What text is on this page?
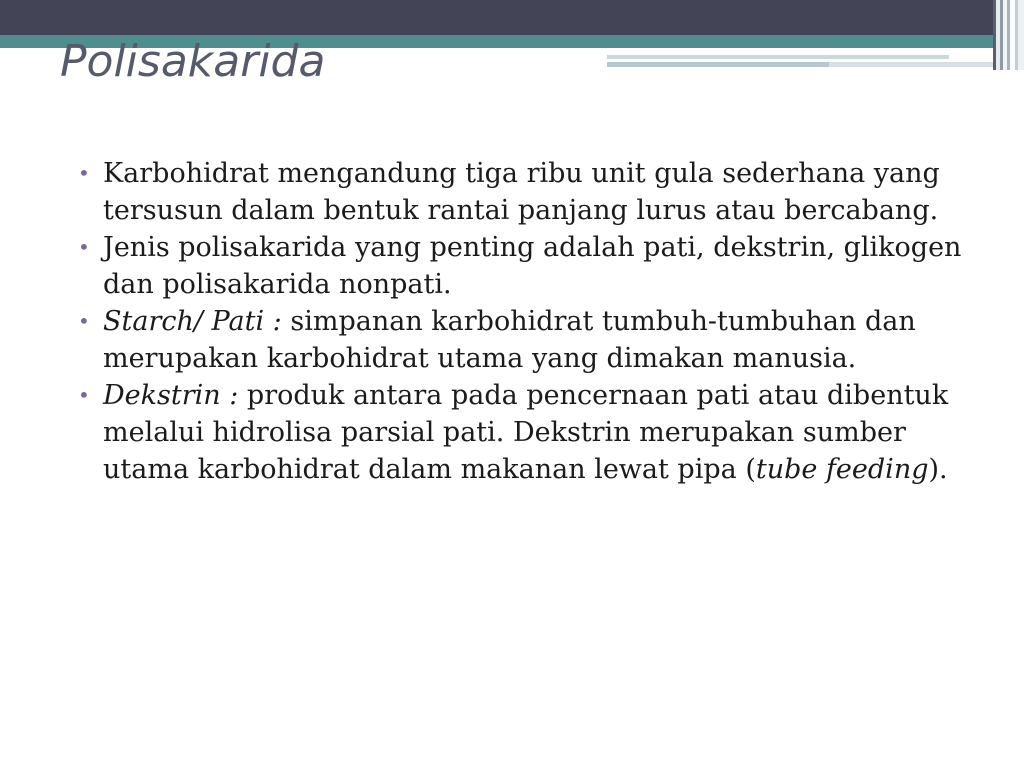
Polisakarida
• Karbohidrat mengandung tiga ribu unit gula sederhana yang tersusun dalam bentuk rantai panjang lurus atau bercabang.
• Jenis polisakarida yang penting adalah pati, dekstrin, glikogen dan polisakarida nonpati.
• Starch/ Pati : simpanan karbohidrat tumbuh-tumbuhan dan merupakan karbohidrat utama yang dimakan manusia.
• Dekstrin : produk antara pada pencernaan pati atau dibentuk melalui hidrolisa parsial pati. Dekstrin merupakan sumber utama karbohidrat dalam makanan lewat pipa (tube feeding).
